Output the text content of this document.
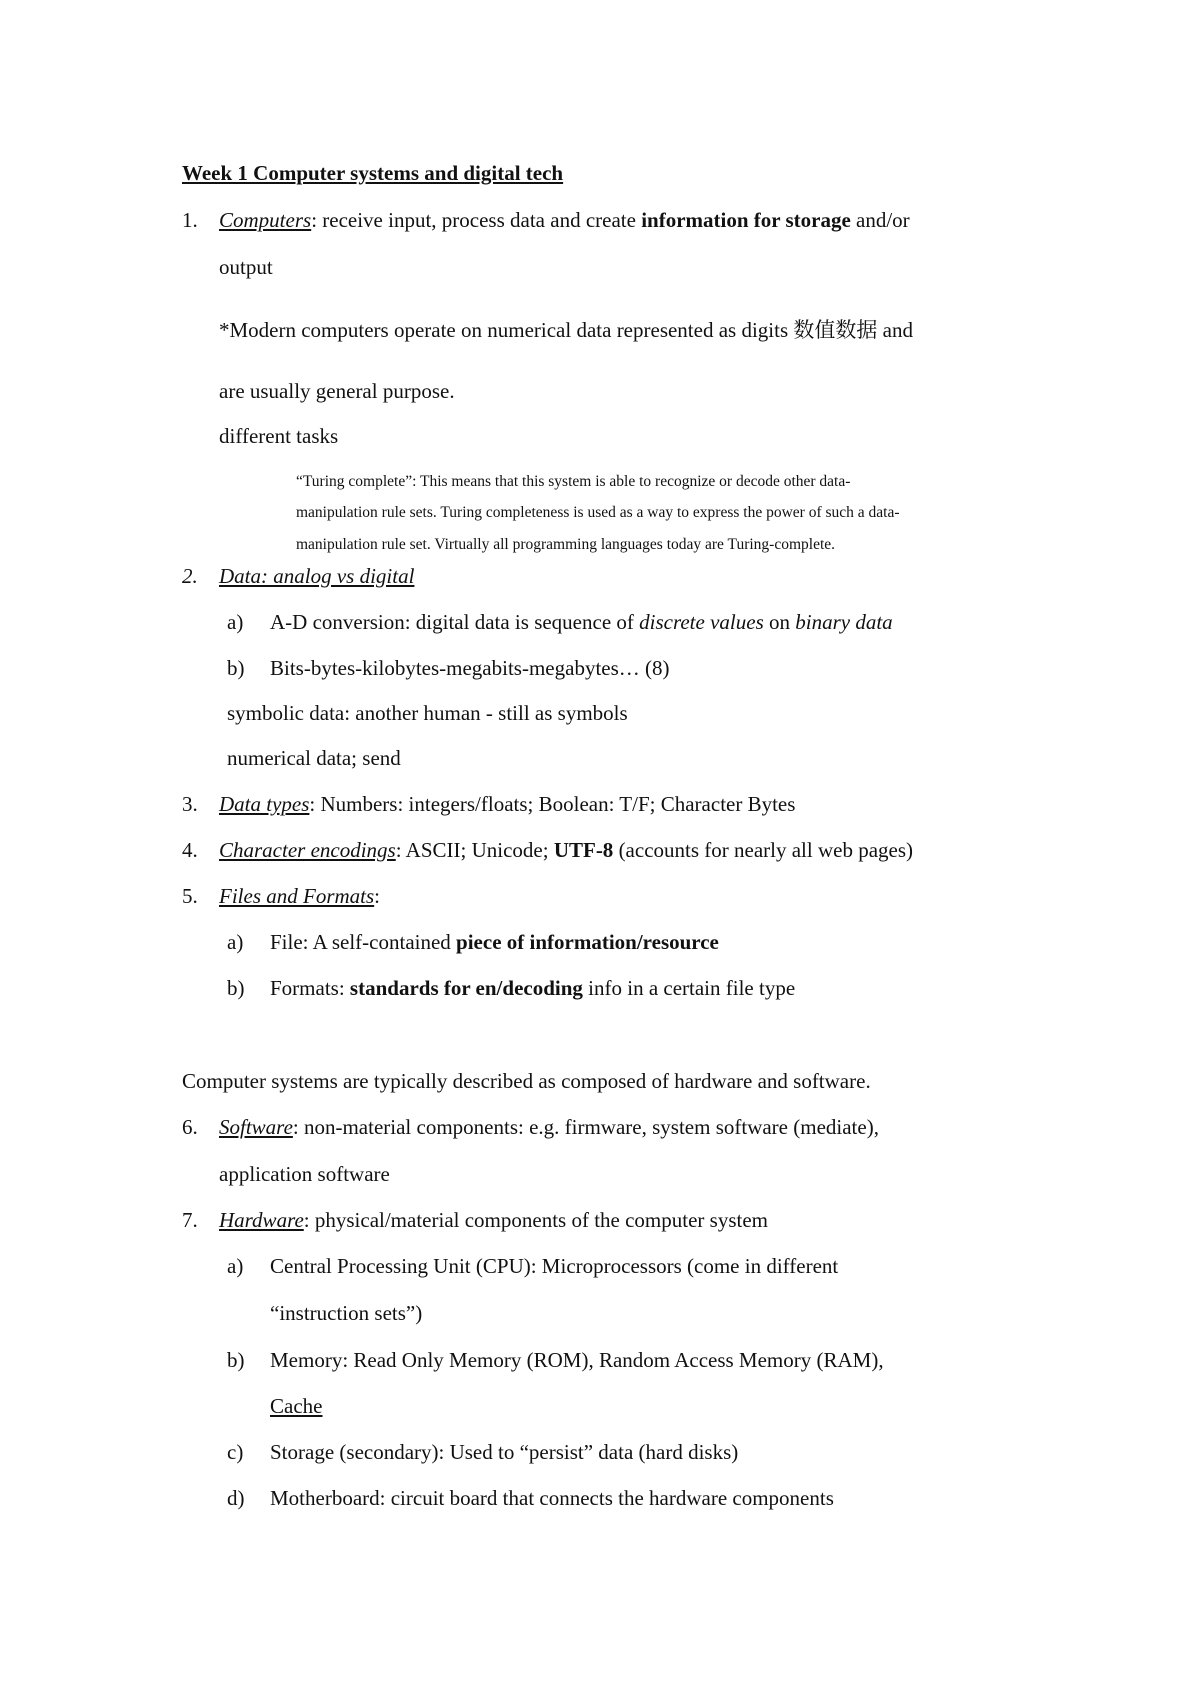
Week 1 Computer systems and digital tech
1. Computers: receive input, process data and create information for storage and/or
output
*Modern computers operate on numerical data represented as digits 数值数据 and
are usually general purpose.
different tasks
“Turing complete”: This means that this system is able to recognize or decode other data-
manipulation rule sets. Turing completeness is used as a way to express the power of such a data-
manipulation rule set. Virtually all programming languages today are Turing-complete.
2. Data: analog vs digital
a) A-D conversion: digital data is sequence of discrete values on binary data
b) Bits-bytes-kilobytes-megabits-megabytes… (8)
symbolic data: another human - still as symbols
numerical data; send
3. Data types: Numbers: integers/floats; Boolean: T/F; Character Bytes
4. Character encodings: ASCII; Unicode; UTF-8 (accounts for nearly all web pages)
5. Files and Formats:
a) File: A self-contained piece of information/resource
b) Formats: standards for en/decoding info in a certain file type
Computer systems are typically described as composed of hardware and software.
6. Software: non-material components: e.g. firmware, system software (mediate),
application software
7. Hardware: physical/material components of the computer system
a) Central Processing Unit (CPU): Microprocessors (come in different
“instruction sets”)
b) Memory: Read Only Memory (ROM), Random Access Memory (RAM),
Cache
c) Storage (secondary): Used to “persist” data (hard disks)
d) Motherboard: circuit board that connects the hardware components
